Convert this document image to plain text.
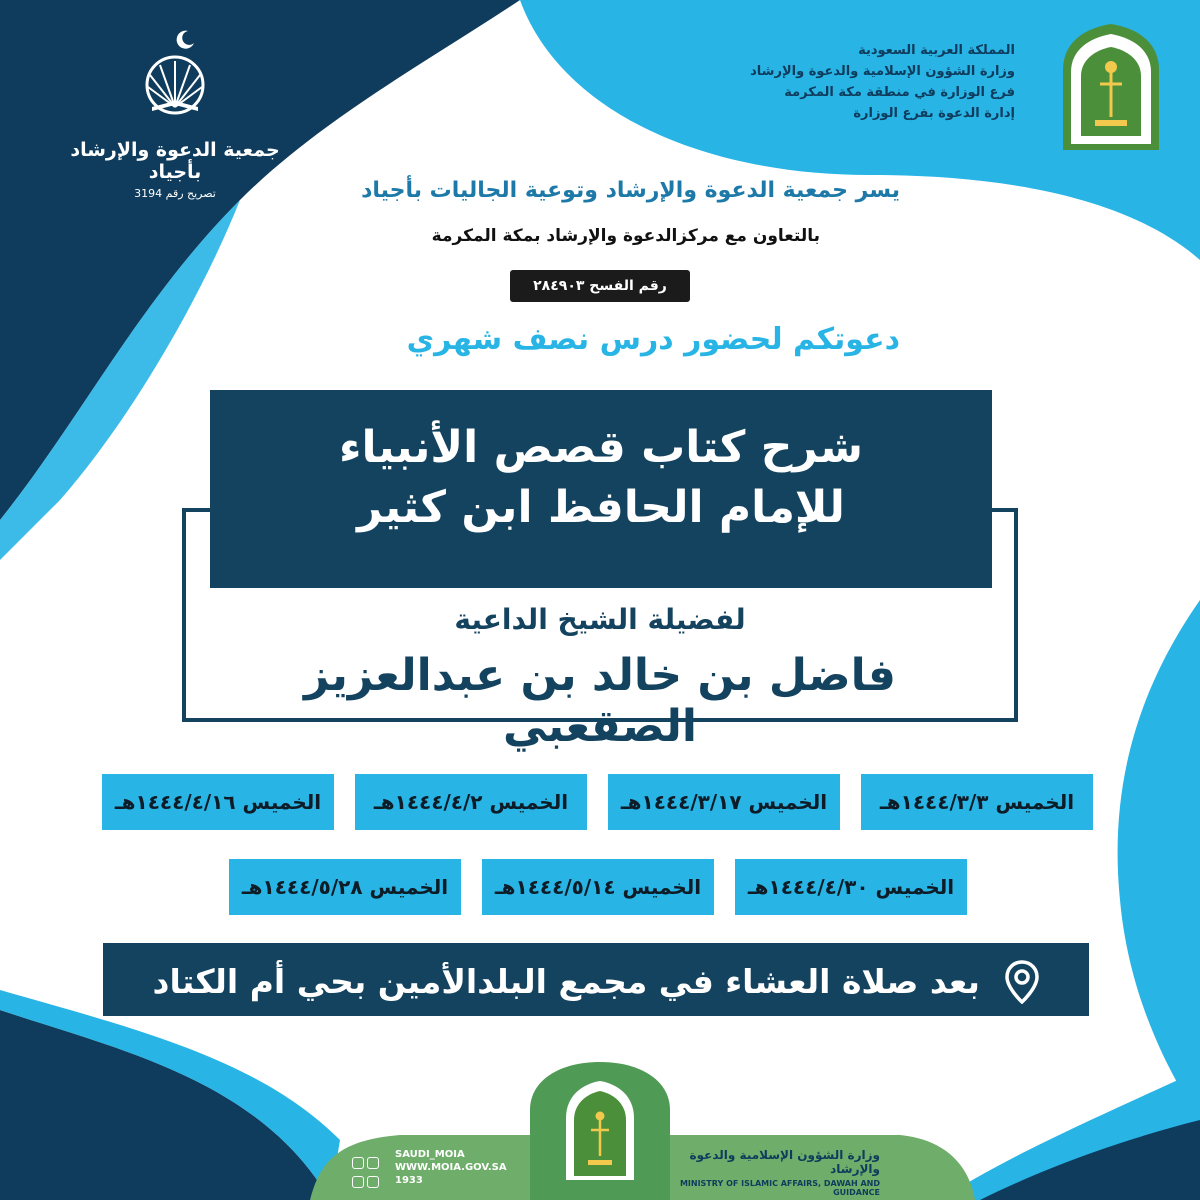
المملكة العربية السعودية
وزارة الشؤون الإسلامية والدعوة والإرشاد
فرع الوزارة في منطقة مكة المكرمة
إدارة الدعوة بفرع الوزارة
هُدًى للعَالمين
جمعية الدعوة والإرشاد بأجياد
تصريح رقم 3194	يسر جمعية الدعوة والإرشاد وتوعية الجاليات بأجياد
بالتعاون مع مركزالدعوة والإرشاد بمكة المكرمة
رقم الفسح ٢٨٤٩٠٣
دعوتكم لحضور درس نصف شهري
شرح كتاب قصص الأنبياء
للإمام الحافظ ابن كثير
لفضيلة الشيخ الداعية
فاضل بن خالد بن عبدالعزيز الصقعبي
الخميس ١٤٤٤/٣/٣هـ
الخميس ١٤٤٤/٣/١٧هـ
الخميس ١٤٤٤/٤/٢هـ
الخميس ١٤٤٤/٤/١٦هـ
الخميس ١٤٤٤/٤/٣٠هـ
الخميس ١٤٤٤/٥/١٤هـ
الخميس ١٤٤٤/٥/٢٨هـ
بعد صلاة العشاء في مجمع البلدالأمين بحي أم الكتاد
وزارة الشؤون الإسلامية والدعوة والإرشاد
MINISTRY OF ISLAMIC AFFAIRS, DAWAH AND GUIDANCE

SAUDI_MOIA
WWW.MOIA.GOV.SA
1933
